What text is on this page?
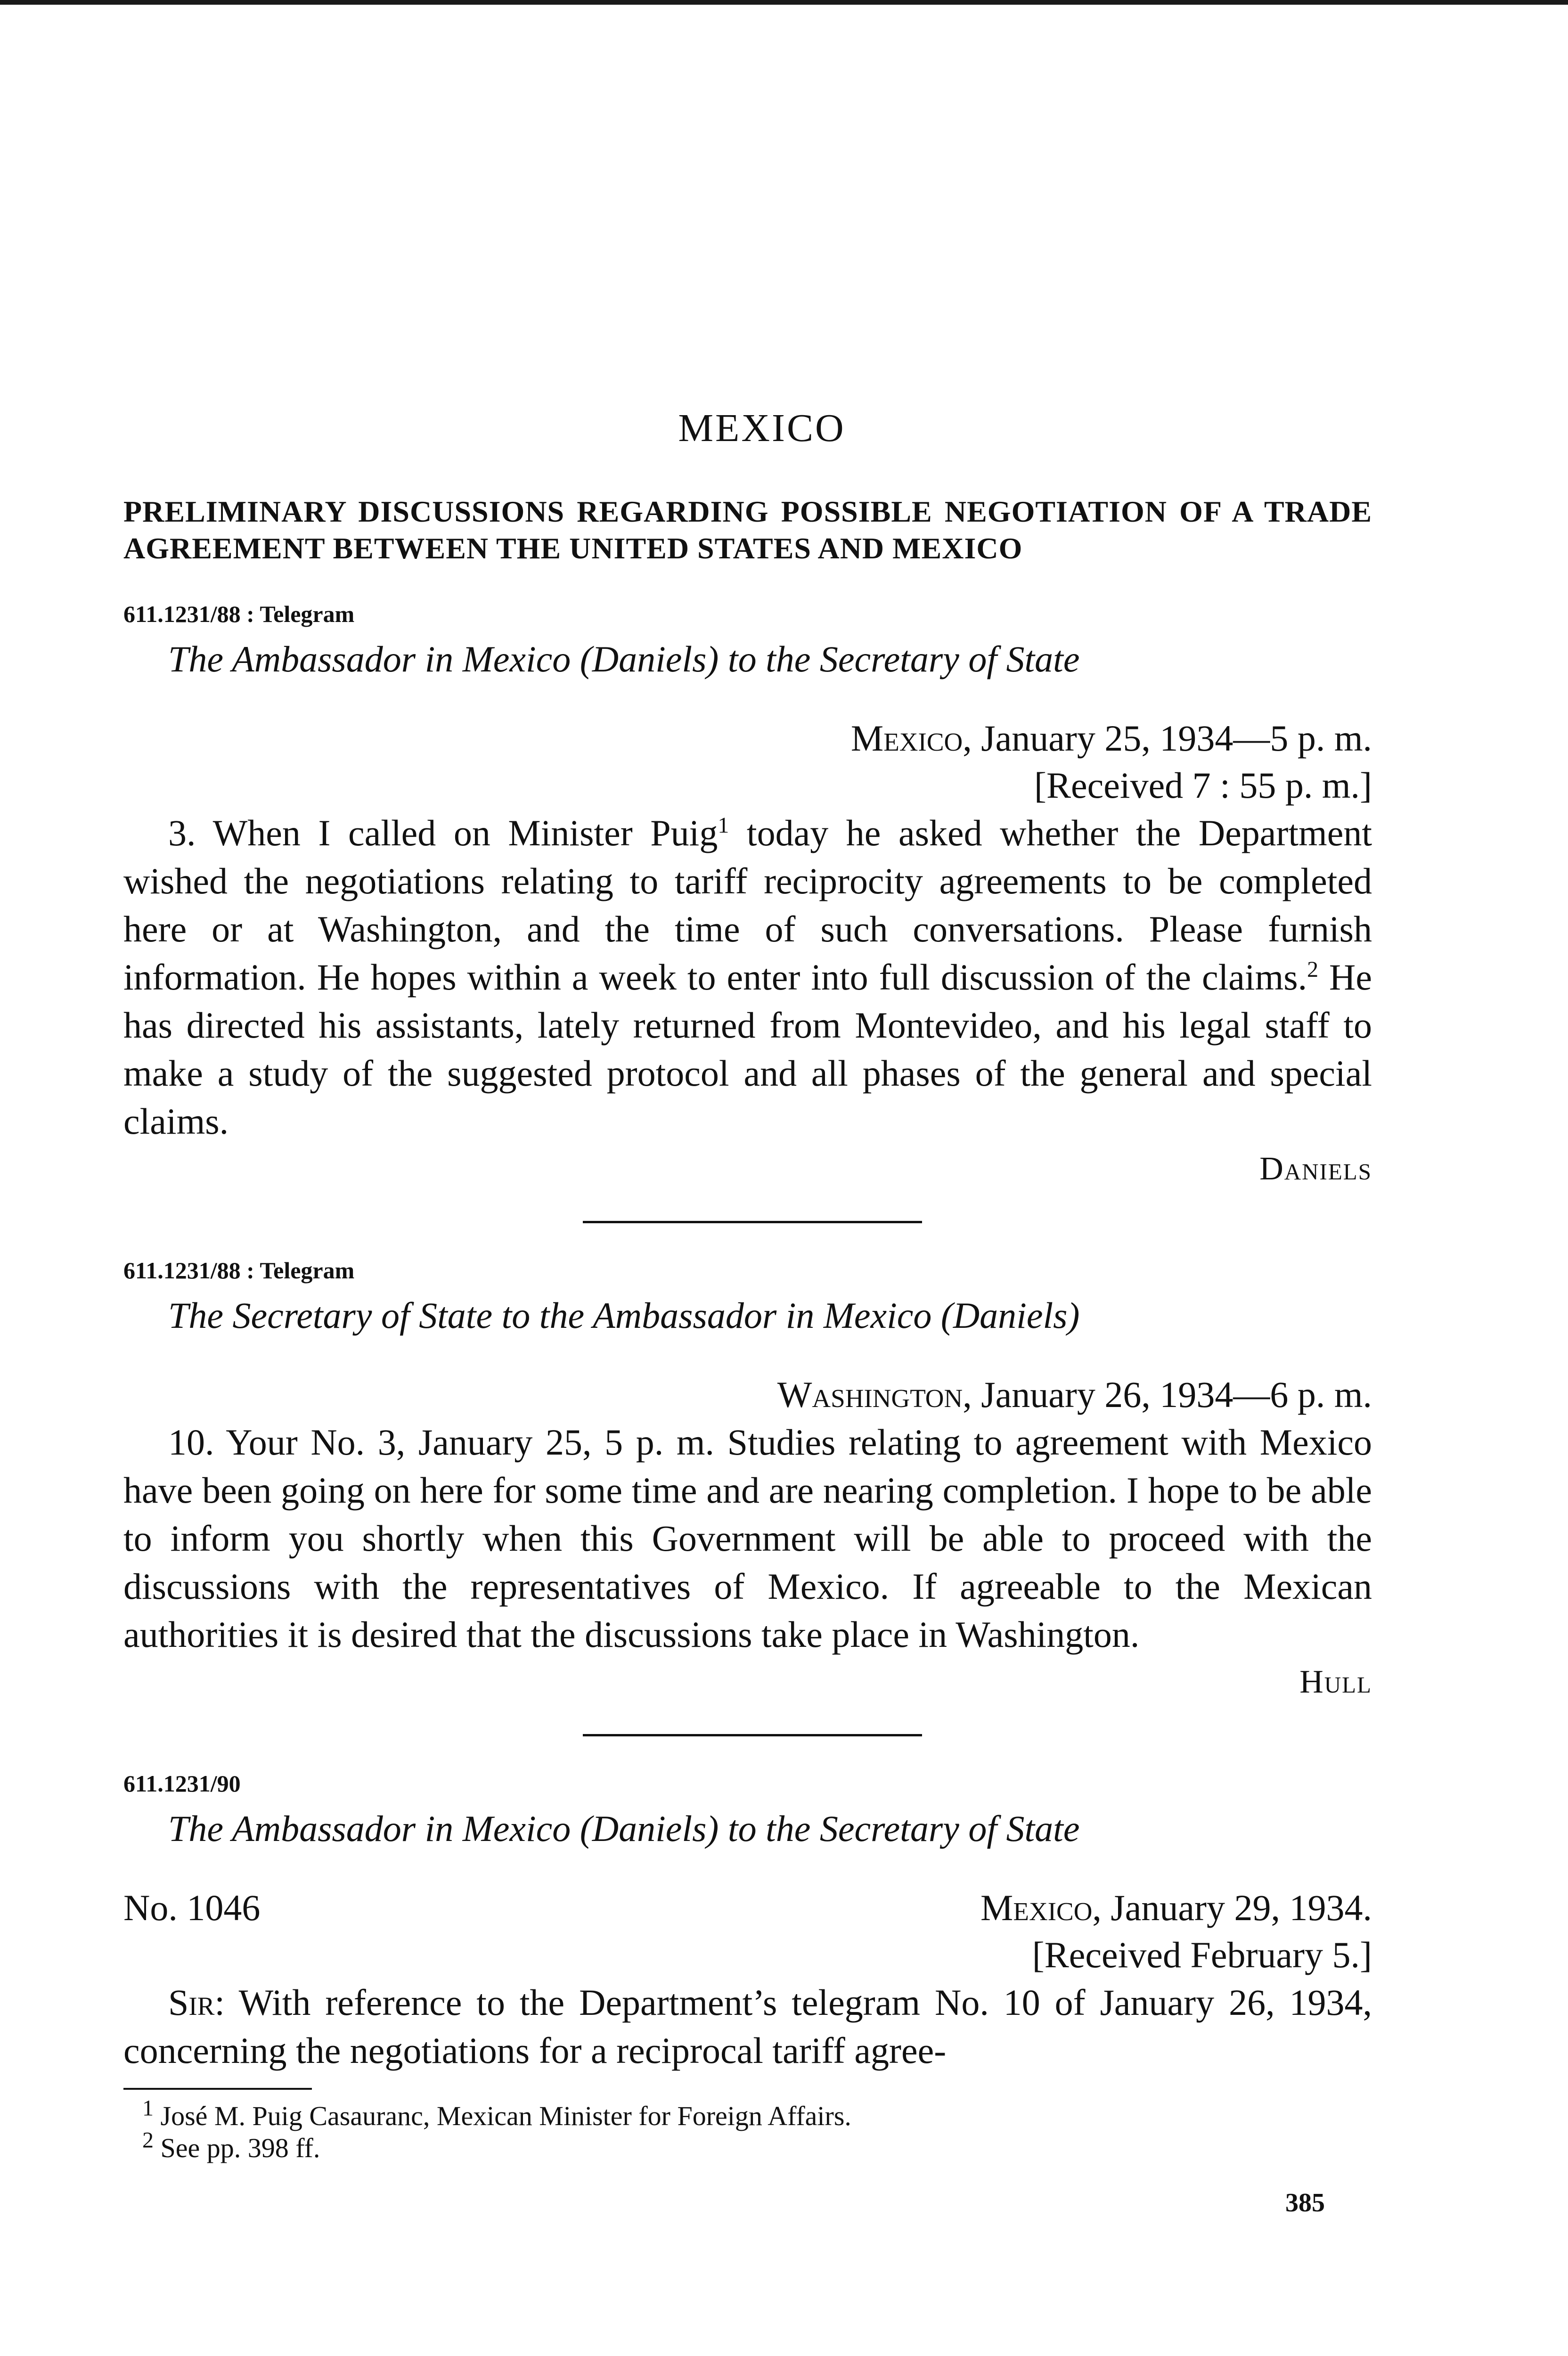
MEXICO
PRELIMINARY DISCUSSIONS REGARDING POSSIBLE NEGOTIATION OF A TRADE AGREEMENT BETWEEN THE UNITED STATES AND MEXICO
611.1231/88 : Telegram
The Ambassador in Mexico (Daniels) to the Secretary of State
Mexico, January 25, 1934—5 p. m.
[Received 7 : 55 p. m.]

3. When I called on Minister Puig$^1$ today he asked whether the Department wished the negotiations relating to tariff reciprocity agreements to be completed here or at Washington, and the time of such conversations. Please furnish information. He hopes within a week to enter into full discussion of the claims.$^2$ He has directed his assistants, lately returned from Montevideo, and his legal staff to make a study of the suggested protocol and all phases of the general and special claims.

Daniels
611.1231/88 : Telegram
The Secretary of State to the Ambassador in Mexico (Daniels)
Washington, January 26, 1934—6 p. m.

10. Your No. 3, January 25, 5 p. m. Studies relating to agreement with Mexico have been going on here for some time and are nearing completion. I hope to be able to inform you shortly when this Government will be able to proceed with the discussions with the representatives of Mexico. If agreeable to the Mexican authorities it is desired that the discussions take place in Washington.

Hull
611.1231/90
The Ambassador in Mexico (Daniels) to the Secretary of State
No. 1046	Mexico, January 29, 1934.
[Received February 5.]

Sir: With reference to the Department’s telegram No. 10 of January 26, 1934, concerning the negotiations for a reciprocal tariff agree-

$^1$ José M. Puig Casauranc, Mexican Minister for Foreign Affairs.

$^2$ See pp. 398 ff.

385
